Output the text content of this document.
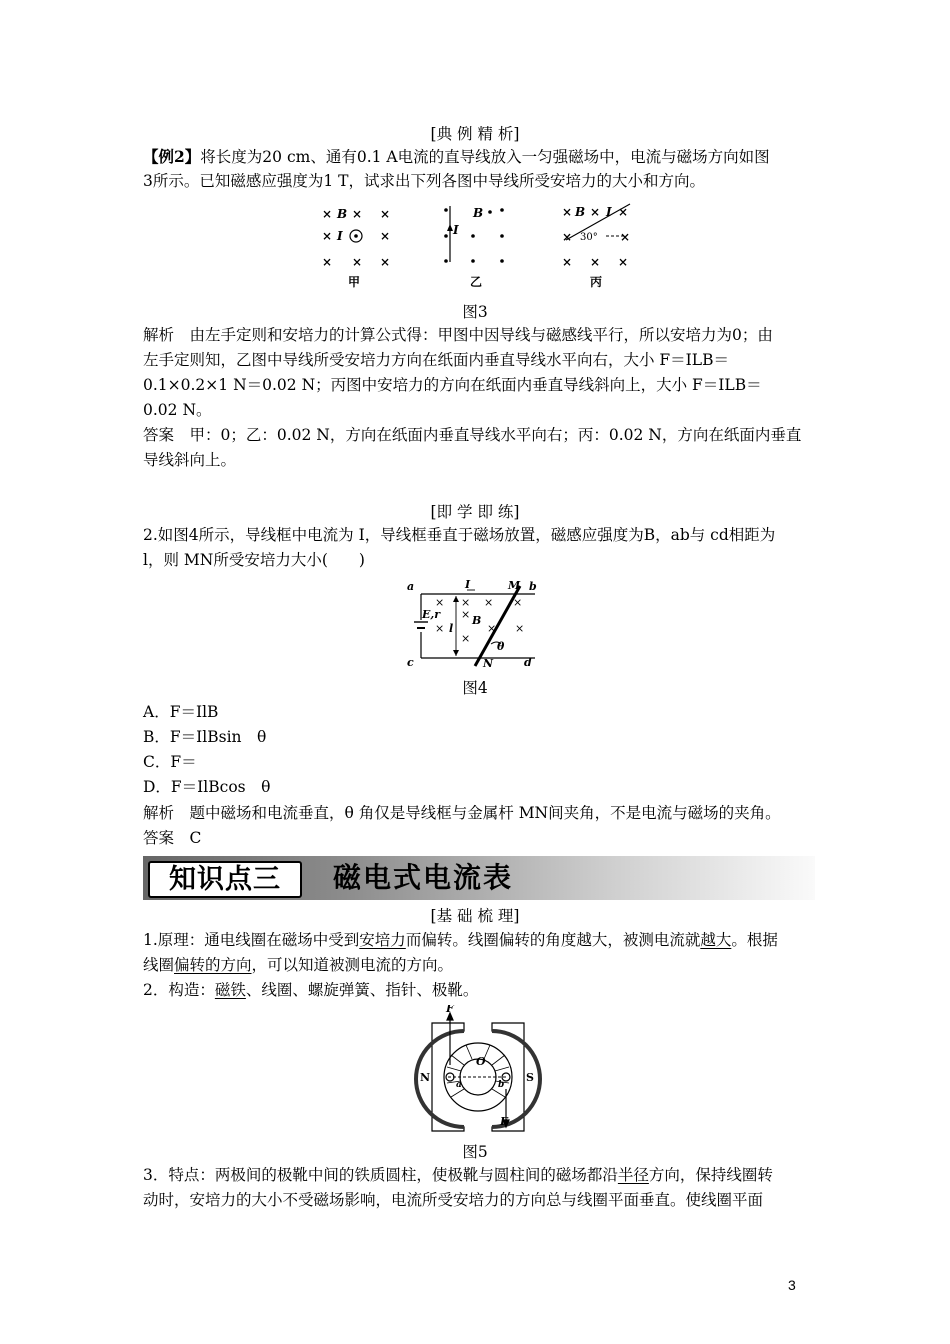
[典 例 精 析]
【例2】将长度为20 cm、通有0.1 A电流的直导线放入一匀强磁场中，电流与磁场方向如图
3所示。已知磁感应强度为1 T，试求出下列各图中导线所受安培力的大小和方向。
× B × ×
× I	×
× × ×
B
I
× B × I ×
× 30° ×
× × ×
甲	乙	丙
图3
解析　由左手定则和安培力的计算公式得：甲图中因导线与磁感线平行，所以安培力为0；由
左手定则知，乙图中导线所受安培力方向在纸面内垂直导线水平向右，大小 F＝ILB＝
0.1×0.2×1 N＝0.02 N；丙图中安培力的方向在纸面内垂直导线斜向上，大小 F＝ILB＝
0.02 N。
答案　甲：0；乙：0.02 N，方向在纸面内垂直导线水平向右；丙：0.02 N，方向在纸面内垂直
导线斜向上。
[即 学 即 练]
2.如图4所示，导线框中电流为 I，导线框垂直于磁场放置，磁感应强度为B，ab与 cd相距为
l，则 MN所受安培力大小(　　)
a	I	M b
E,r
l
B
θ
c	N	d
× × × ×
×
×	× ×
×
图4
A．F＝IlB
B．F＝IlBsin　θ
C．F＝
D．F＝IlBcos　θ
解析　题中磁场和电流垂直，θ 角仅是导线框与金属杆 MN间夹角，不是电流与磁场的夹角。
答案　C
知识点三	磁电式电流表
[基 础 梳 理]
1.原理：通电线圈在磁场中受到安培力而偏转。线圈偏转的角度越大，被测电流就越大。根据
线圈偏转的方向，可以知道被测电流的方向。
2．构造：磁铁、线圈、螺旋弹簧、指针、极靴。
F
N	S
O
a	b
F
图5
3．特点：两极间的极靴中间的铁质圆柱，使极靴与圆柱间的磁场都沿半径方向，保持线圈转
动时，安培力的大小不受磁场影响，电流所受安培力的方向总与线圈平面垂直。使线圈平面
3
